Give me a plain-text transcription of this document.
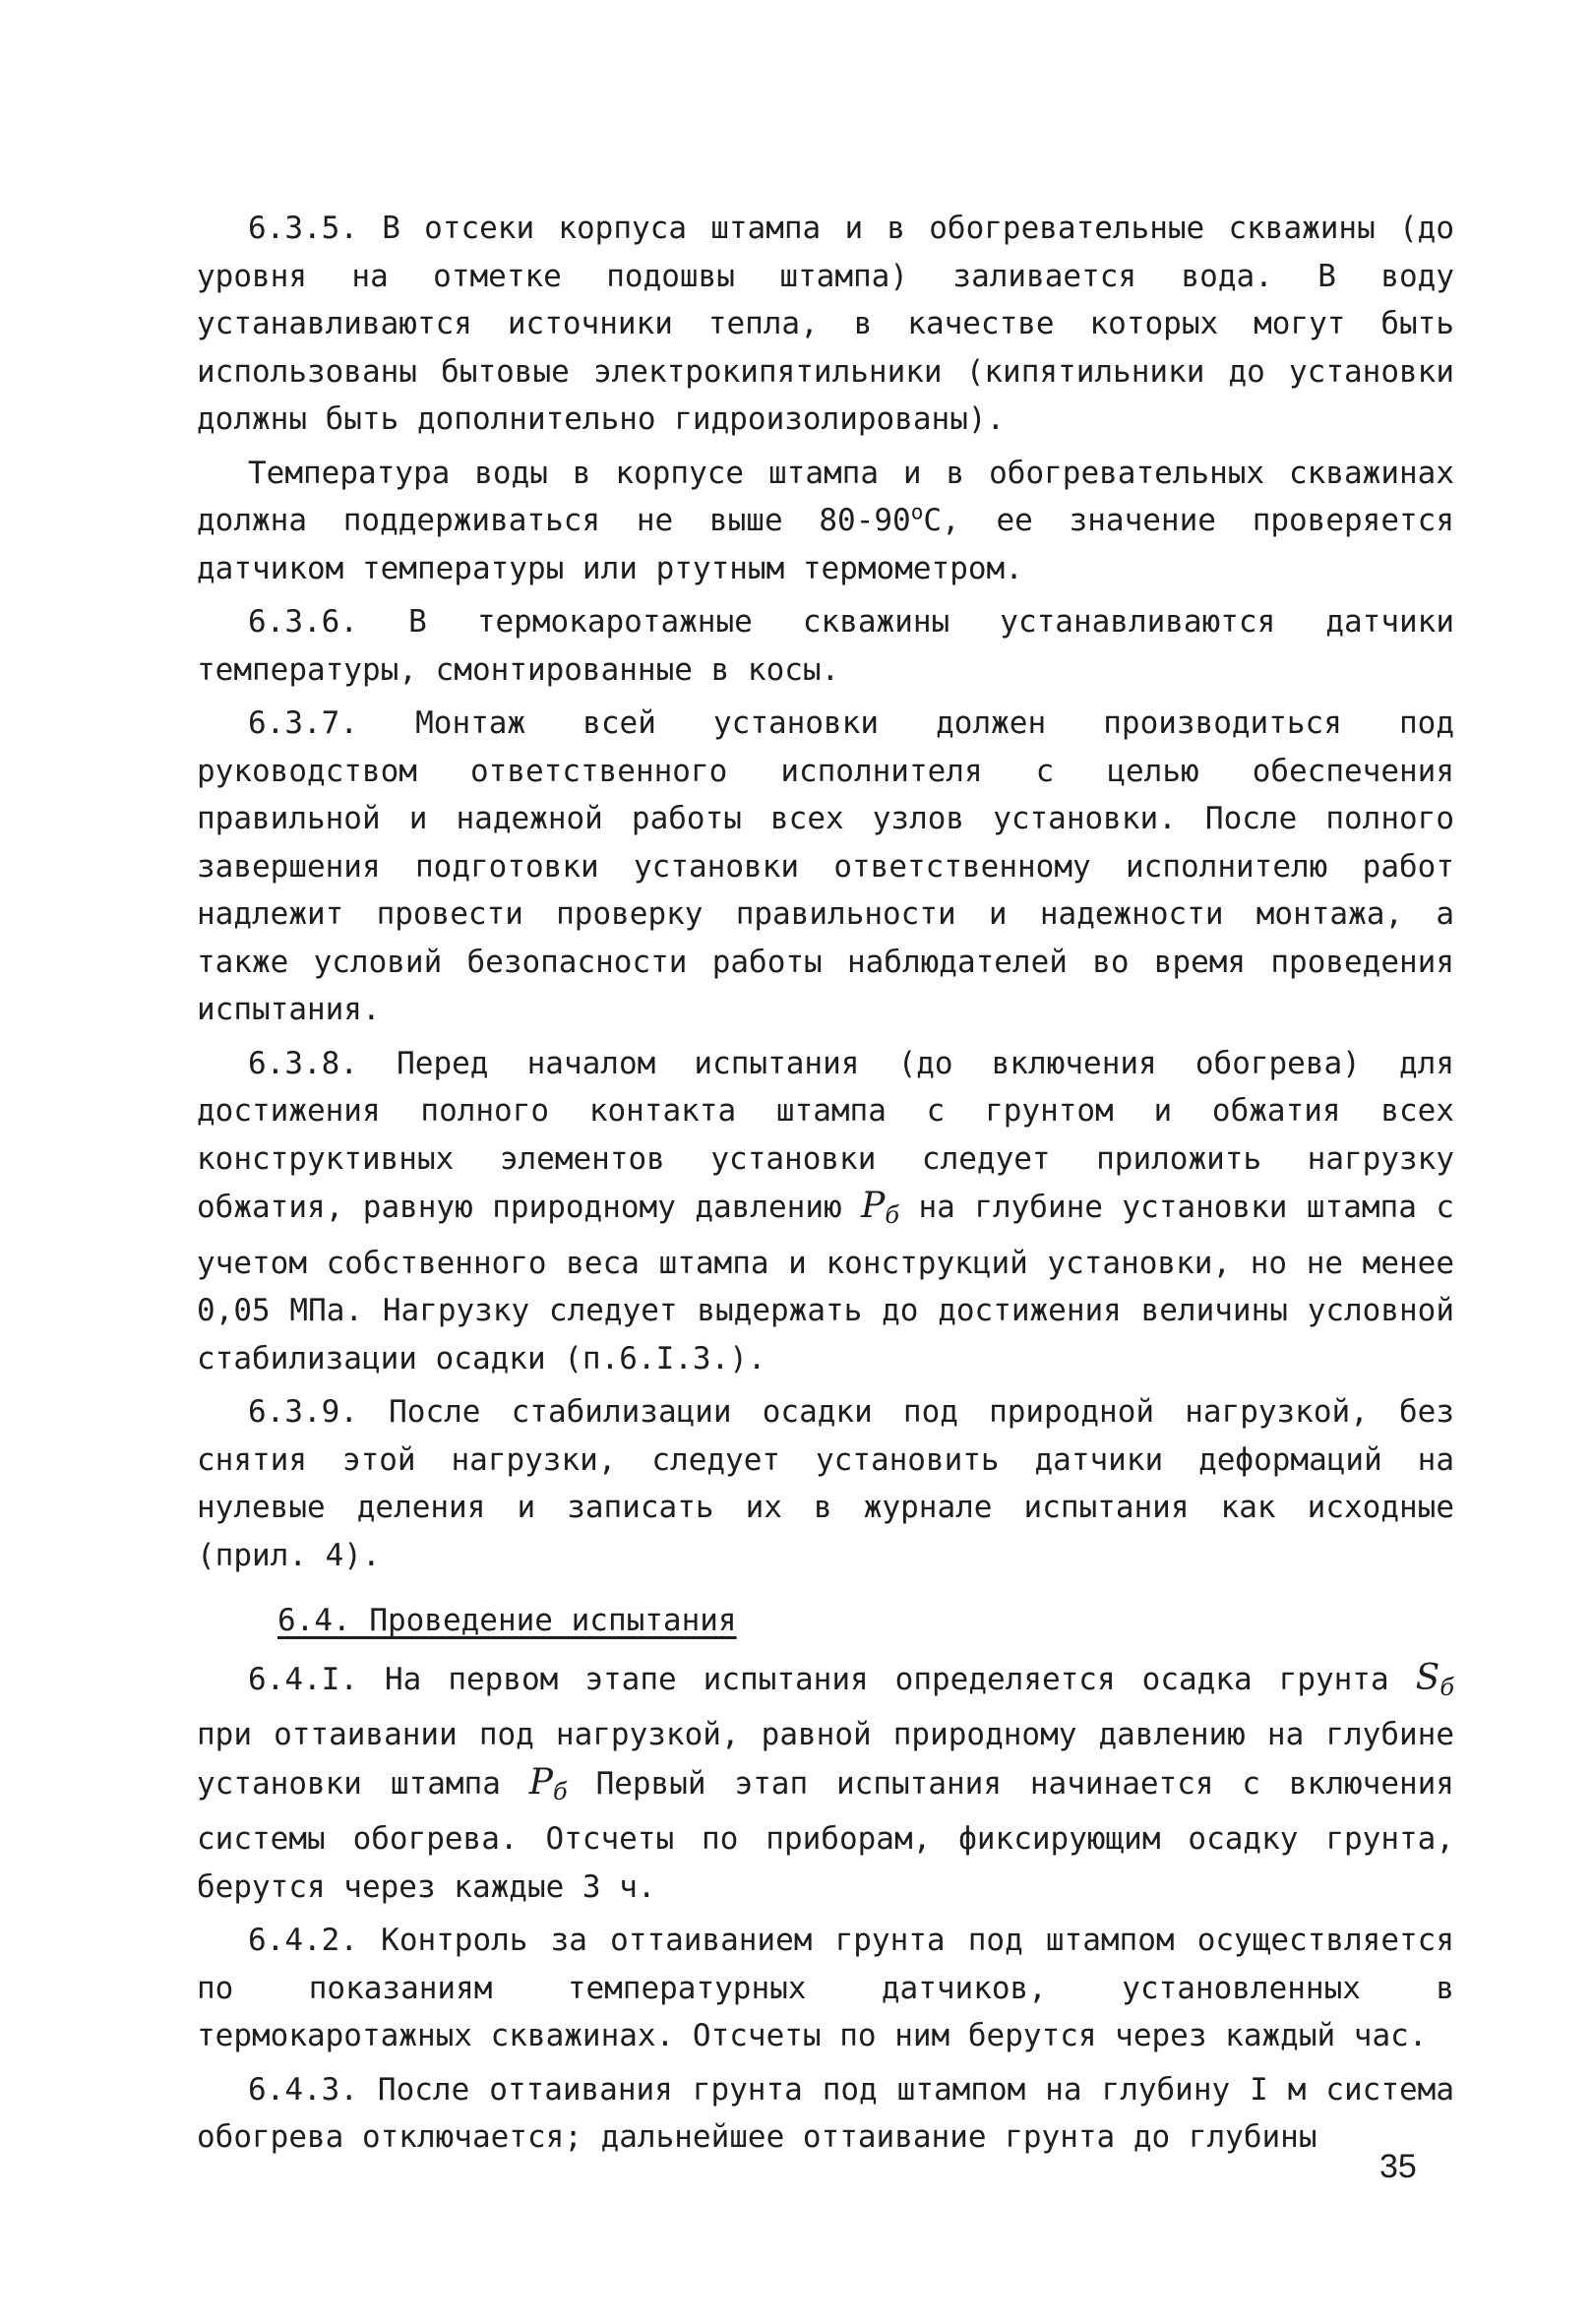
6.3.5. В отсеки корпуса штампа и в обогревательные скважины (до уровня на отметке подошвы штампа) заливается вода. В воду устанавливаются источники тепла, в качестве которых могут быть использованы бытовые электрокипятильники (кипятильники до установки должны быть дополнительно гидроизолированы).

Температура воды в корпусе штампа и в обогревательных скважинах должна поддерживаться не выше 80-90$^o$С, ее значение проверяется датчиком температуры или ртутным термометром.

6.3.6. В термокаротажные скважины устанавливаются датчики температуры, смонтированные в косы.

6.3.7. Монтаж всей установки должен производиться под руководством ответственного исполнителя с целью обеспечения правильной и надежной работы всех узлов установки. После полного завершения подготовки установки ответственному исполнителю работ надлежит провести проверку правильности и надежности монтажа, а также условий безопасности работы наблюдателей во время проведения испытания.

6.3.8. Перед началом испытания (до включения обогрева) для достижения полного контакта штампа с грунтом и обжатия всех конструктивных элементов установки следует приложить нагрузку обжатия, равную природному давлению $P_б$ на глубине установки штампа с учетом собственного веса штампа и конструкций установки, но не менее 0,05 МПа. Нагрузку следует выдержать до достижения величины условной стабилизации осадки (п.6.I.3.).

6.3.9. После стабилизации осадки под природной нагрузкой, без снятия этой нагрузки, следует установить датчики деформаций на нулевые деления и записать их в журнале испытания как исходные (прил. 4).

6.4. Проведение испытания

6.4.I. На первом этапе испытания определяется осадка грунта $S_б$ при оттаивании под нагрузкой, равной природному давлению на глубине установки штампа $P_б$ Первый этап испытания начинается с включения системы обогрева. Отсчеты по приборам, фиксирующим осадку грунта, берутся через каждые 3 ч.

6.4.2. Контроль за оттаиванием грунта под штампом осуществляется по показаниям температурных датчиков, установленных в термокаротажных скважинах. Отсчеты по ним берутся через каждый час.

6.4.3. После оттаивания грунта под штампом на глубину I м система обогрева отключается; дальнейшее оттаивание грунта до глубины

35
